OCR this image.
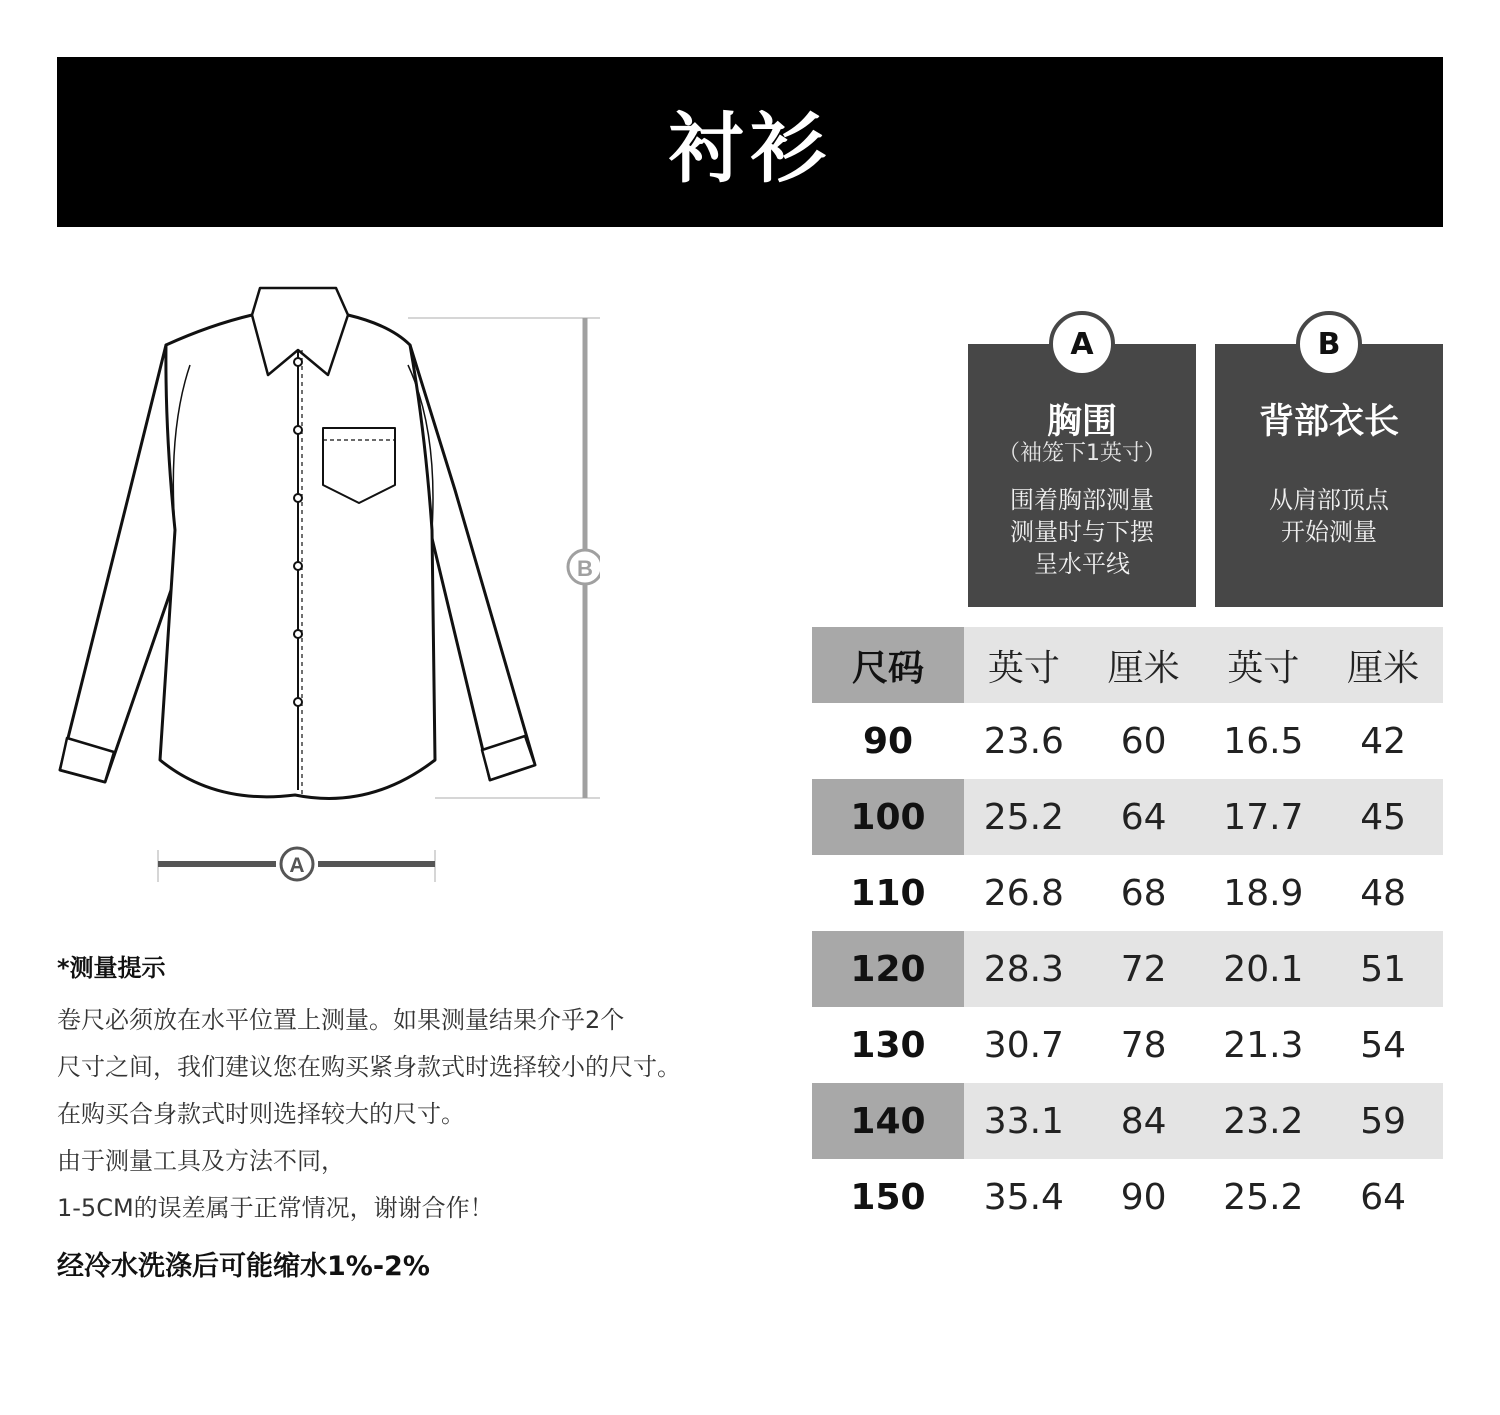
衬衫
B
A
*测量提示
卷尺必须放在水平位置上测量。如果测量结果介乎2个
尺寸之间，我们建议您在购买紧身款式时选择较小的尺寸。
在购买合身款式时则选择较大的尺寸。
由于测量工具及方法不同，
1-5CM的误差属于正常情况，谢谢合作！
经冷水洗涤后可能缩水1%-2%
A
胸围
（袖笼下1英寸）
围着胸部测量
测量时与下摆
呈水平线
B
背部衣长
从肩部顶点
开始测量
尺码	英寸	厘米	英寸	厘米
90	23.6	60	16.5	42
100	25.2	64	17.7	45
110	26.8	68	18.9	48
120	28.3	72	20.1	51
130	30.7	78	21.3	54
140	33.1	84	23.2	59
150	35.4	90	25.2	64
